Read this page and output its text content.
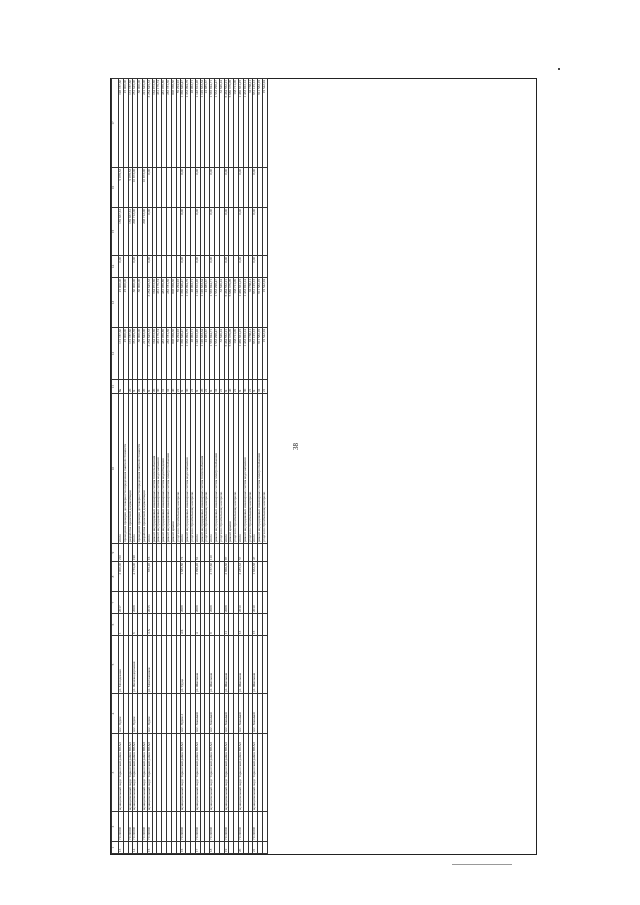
38
1	2	3	4	5	6	7	8	9	10	11	12	13	14	15	16	17
13	71130000	муниципальный округ Тарногский район ВНАО	пос. Пурпе	ул. Молодежная	1	2017	2 000,00	210	итого	№	172 787,60	25 000,00	0,00	159 837,61	9 079,53	198 787,60
									проведение проверки достоверности определения сметной стоимости		25 000,00	25 000,00				25 000,00
	71130000	муниципальный округ Тарногский район ВНАО							разработка проектной документации	20	172 787,60			159 837,61	9 079,53	172 787,60
14	71130000	муниципальный округ Тарногский район ВНАО	пос. Пурпе	ул. Железнодорожная	6	2008	4 755,00	190	итого	Х	351 495,39	30 000,00	0,00	208 712,00	10 873,00	251 645,00
									проведение проверки достоверности определения сметной стоимости	Ж	30 000,00	30 000,00				30 000,00
	71130000	муниципальный округ Тарногский район ВНАО							разработка проектной документации	20	217 643,00			208 712,00	10 873,00	221 645,00
15	71130000	муниципальный округ Тарногский район ВНАО	пос. Пурпе	ул. Монтажников	4 А	2015	655,20	16	итого	Х	3 254 645,33	3 254 645,33	0,00	0,00	0,00	3 254 645,33
									ремонт внутридомовых инженерных систем теплоснабжения	20	164 973,66	164 973,66				164 973,66
									ремонт внутридомовых инженерных систем водоснабжения	30	461 176,74	461 176,74				461 176,74
									ремонт внутридомовых инженерных систем водоотведения	31	481 059,86	481 059,86				481 059,86
									ремонт внутридомовых инженерных систем электроснабжения	32	283 781,36	283 781,36				283 781,36
									ремонт крыши	40	808 358,30	808 358,30				808 358,30
									услуги по строительному контролю	21	59 294,92	59 294,92				59 294,92
16	71130000	муниципальный округ Тарногский район ВНАО	пос. Пурпе-1	ул. Труда	4 Б	2009	1 685,50	72	итого	Х	1 366 646,47	1 366 646,47	0,00	0,00	0,00	1 366 646,47
									ремонт внутридомовых инженерных систем водоснабжения	30	1 333 094,76	1 333 094,76				1 333 094,76
									услуги по строительному контролю	21	28 063,71	28 063,71				28 063,71
17	71130000	муниципальный округ Тарногский район ВНАО	пос. Ханымей	ул. Школьная	4	2008	2 998,20	61	итого	Х	1 148 813,20	1 148 813,20	0,00	0,00	0,00	1 148 813,20
									ремонт внутридомовых инженерных систем теплоснабжения	20	1 126 633,34	1 126 633,34				1 126 633,34
									услуги по строительному контролю	21	22 985,67	22 985,67				22 985,67
18	71130000	муниципальный округ Тарногский район ВНАО	пос. Ханымей	ул. Школьная	8	2008	2 737,60	110	итого	Х	1 565 944,71	1 565 944,71	0,00	0,00	0,00	1 565 944,71
									ремонт внутридомовых инженерных систем электроснабжения	32	1 533 298,47	1 533 298,47				1 533 298,47
									услуги по строительному контролю	21	32 646,24	32 646,24				32 646,24
19	71130000	муниципальный округ Тарногский район ВНАО	пос. Ханымей	ул. Школьная	11	2008	2 868,30	97	итого	Х	6 464 552,21	6 464 552,21	0,00	0,00	0,00	6 464 552,21
									ремонт крыши	40	5 686 376,09	5 686 376,09				5 686 376,09
									услуги по строительному контролю	21	138 711,06	138 711,06				138 711,06
20	71130000	муниципальный округ Тарногский район ВНАО	пос. Ханымей	ул. Школьная	13	2010	3 285,62	57	итого	Х	1 466 661,25	1 466 661,25	0,00	0,00	0,00	1 466 661,25
									ремонт внутридомовых инженерных систем водоснабжения	30	1 433 923,14	1 433 923,14				1 433 923,14
									услуги по строительному контролю	21	32 738,11	32 738,11				32 738,11
21	71130000	муниципальный округ Тарногский район ВНАО	пос. Ханымей	ул. Школьная	15	2010	1 832,38	47	итого	Х	931 125,13	931 125,13	0,00	0,00	0,00	931 125,13
									ремонт внутридомовых инженерных систем электроснабжения	32	911 582,19	911 582,19				911 582,19
									услуги по строительному контролю	21	19 542,94	19 542,94				19 542,94
